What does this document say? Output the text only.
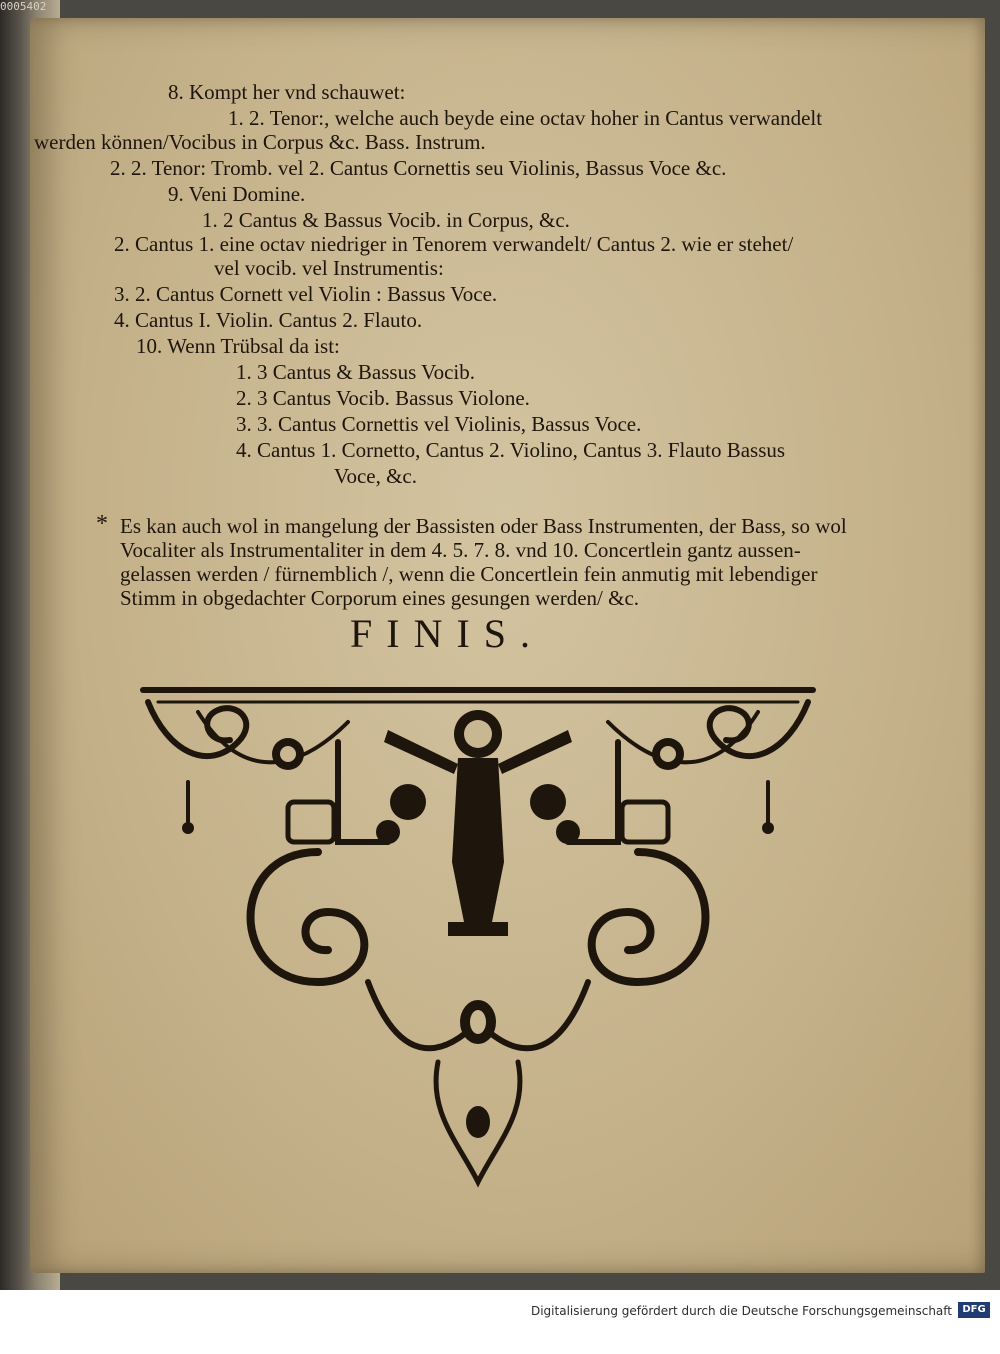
0005402
8. Kompt her vnd schauwet:
1. 2. Tenor:, welche auch beyde eine octav hoher in Cantus verwandelt
werden können/Vocibus in Corpus &c. Bass. Instrum.
2. 2. Tenor: Tromb. vel 2. Cantus Cornettis seu Violinis, Bassus Voce &c.
9. Veni Domine.
1. 2 Cantus & Bassus Vocib. in Corpus, &c.
2. Cantus 1. eine octav niedriger in Tenorem verwandelt/ Cantus 2. wie er stehet/
vel vocib. vel Instrumentis:
3. 2. Cantus Cornett vel Violin : Bassus Voce.
4. Cantus I. Violin. Cantus 2. Flauto.
10. Wenn Trübsal da ist:
1. 3 Cantus & Bassus Vocib.
2. 3 Cantus Vocib. Bassus Violone.
3. 3. Cantus Cornettis vel Violinis, Bassus Voce.
4. Cantus 1. Cornetto, Cantus 2. Violino, Cantus 3. Flauto Bassus
Voce, &c.
* Es kan auch wol in mangelung der Bassisten oder Bass Instrumenten, der Bass, so wol
Vocaliter als Instrumentaliter in dem 4. 5. 7. 8. vnd 10. Concertlein gantz aussen-
gelassen werden / fürnemblich /, wenn die Concertlein fein anmutig mit lebendiger
Stimm in obgedachter Corporum eines gesungen werden/ &c.
FINIS.
Digitalisierung gefördert durch die Deutsche Forschungsgemeinschaft	DFG
